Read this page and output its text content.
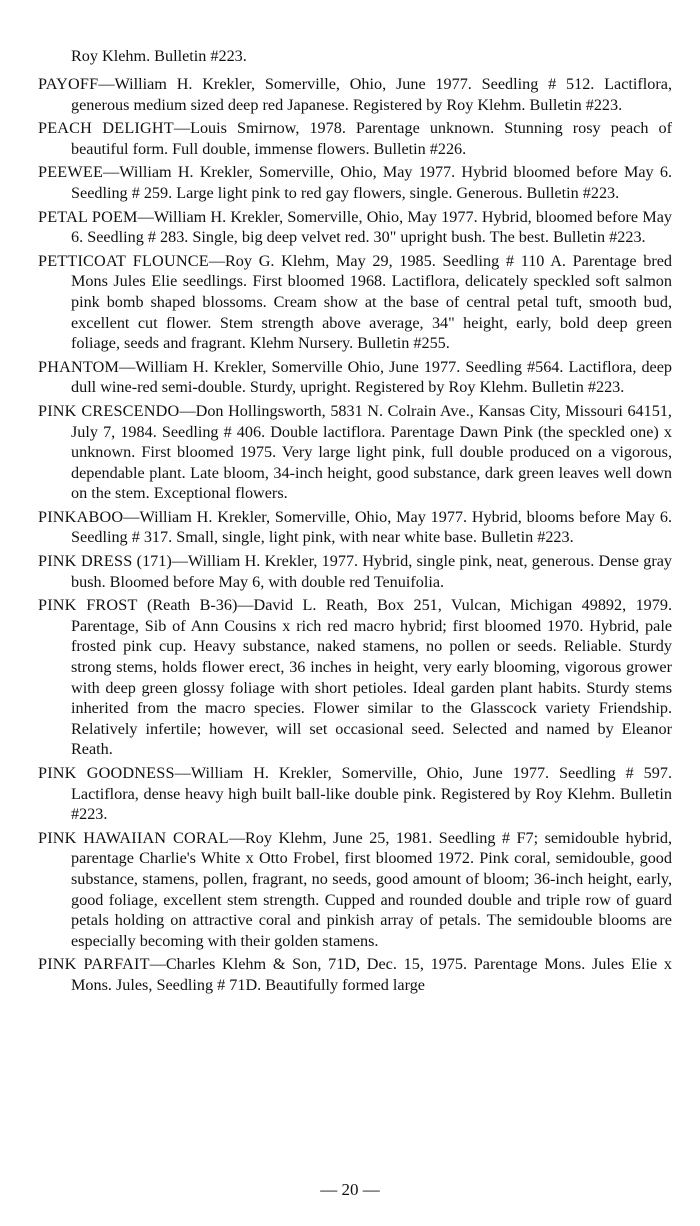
Roy Klehm. Bulletin #223.

PAYOFF—William H. Krekler, Somerville, Ohio, June 1977. Seedling # 512. Lactiflora, generous medium sized deep red Japanese. Registered by Roy Klehm. Bulletin #223.

PEACH DELIGHT—Louis Smirnow, 1978. Parentage unknown. Stunning rosy peach of beautiful form. Full double, immense flowers. Bulletin #226.

PEEWEE—William H. Krekler, Somerville, Ohio, May 1977. Hybrid bloomed before May 6. Seedling # 259. Large light pink to red gay flowers, single. Generous. Bulletin #223.

PETAL POEM—William H. Krekler, Somerville, Ohio, May 1977. Hybrid, bloomed before May 6. Seedling # 283. Single, big deep velvet red. 30" upright bush. The best. Bulletin #223.

PETTICOAT FLOUNCE—Roy G. Klehm, May 29, 1985. Seedling # 110 A. Parentage bred Mons Jules Elie seedlings. First bloomed 1968. Lactiflora, delicately speckled soft salmon pink bomb shaped blossoms. Cream show at the base of central petal tuft, smooth bud, excellent cut flower. Stem strength above average, 34" height, early, bold deep green foliage, seeds and fragrant. Klehm Nursery. Bulletin #255.

PHANTOM—William H. Krekler, Somerville Ohio, June 1977. Seedling #564. Lactiflora, deep dull wine-red semi-double. Sturdy, upright. Registered by Roy Klehm. Bulletin #223.

PINK CRESCENDO—Don Hollingsworth, 5831 N. Colrain Ave., Kansas City, Missouri 64151, July 7, 1984. Seedling # 406. Double lactiflora. Parentage Dawn Pink (the speckled one) x unknown. First bloomed 1975. Very large light pink, full double produced on a vigorous, dependable plant. Late bloom, 34-inch height, good substance, dark green leaves well down on the stem. Exceptional flowers.

PINKABOO—William H. Krekler, Somerville, Ohio, May 1977. Hybrid, blooms before May 6. Seedling # 317. Small, single, light pink, with near white base. Bulletin #223.

PINK DRESS (171)—William H. Krekler, 1977. Hybrid, single pink, neat, generous. Dense gray bush. Bloomed before May 6, with double red Tenuifolia.

PINK FROST (Reath B-36)—David L. Reath, Box 251, Vulcan, Michigan 49892, 1979. Parentage, Sib of Ann Cousins x rich red macro hybrid; first bloomed 1970. Hybrid, pale frosted pink cup. Heavy substance, naked stamens, no pollen or seeds. Reliable. Sturdy strong stems, holds flower erect, 36 inches in height, very early blooming, vigorous grower with deep green glossy foliage with short petioles. Ideal garden plant habits. Sturdy stems inherited from the macro species. Flower similar to the Glasscock variety Friendship. Relatively infertile; however, will set occasional seed. Selected and named by Eleanor Reath.

PINK GOODNESS—William H. Krekler, Somerville, Ohio, June 1977. Seedling # 597. Lactiflora, dense heavy high built ball-like double pink. Registered by Roy Klehm. Bulletin #223.

PINK HAWAIIAN CORAL—Roy Klehm, June 25, 1981. Seedling # F7; semidouble hybrid, parentage Charlie's White x Otto Frobel, first bloomed 1972. Pink coral, semidouble, good substance, stamens, pollen, fragrant, no seeds, good amount of bloom; 36-inch height, early, good foliage, excellent stem strength. Cupped and rounded double and triple row of guard petals holding on attractive coral and pinkish array of petals. The semidouble blooms are especially becoming with their golden stamens.

PINK PARFAIT—Charles Klehm & Son, 71D, Dec. 15, 1975. Parentage Mons. Jules Elie x Mons. Jules, Seedling # 71D. Beautifully formed large

— 20 —
